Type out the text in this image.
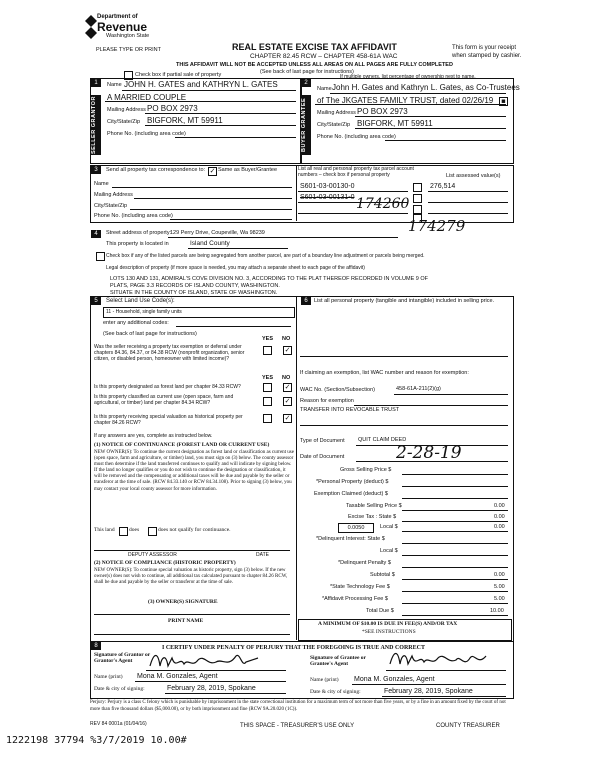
Department of
Revenue
Washington State
PLEASE TYPE OR PRINT	REAL ESTATE EXCISE TAX AFFIDAVIT
CHAPTER 82.45 RCW – CHAPTER 458-61A WAC
THIS AFFIDAVIT WILL NOT BE ACCEPTED UNLESS ALL AREAS ON ALL PAGES ARE FULLY COMPLETED
(See back of last page for instructions)
This form is your receipt
when stamped by cashier.
Check box if partial sale of property	If multiple owners, list percentage of ownership next to name.
1	2
SELLER GRANTOR	BUYER GRANTEE
Name JOHN H. GATES and KATHRYN L. GATES
A MARRIED COUPLE
Mailing Address PO BOX 2973
City/State/Zip BIGFORK, MT 59911
Phone No. (including area code)
Name John H. Gates and Kathryn L. Gates, as Co-Trustees
of The JKGATES FAMILY TRUST, dated 02/26/19	▪
Mailing Address PO BOX 2973
City/State/Zip BIGFORK, MT 59911
Phone No. (including area code)
3	Send all property tax correspondence to: ✓ Same as Buyer/Grantee
Name
Mailing Address
City/State/Zip
Phone No. (including area code)
List all real and personal property tax parcel account numbers – check box if personal property	List assessed value(s)
S601-03-00130-0	276,514
S601-03-00131-0 174260
174279
4	Street address of property:
129 Perry Drive, Coupeville, Wa 98239
This property is located in	Island County
Check box if any of the listed parcels are being segregated from another parcel, are part of a boundary line adjustment or parcels being merged.
Legal description of property (if more space is needed, you may attach a separate sheet to each page of the affidavit)
LOTS 130 AND 131, ADMIRAL'S COVE DIVISION NO. 3, ACCORDING TO THE PLAT THEREOF RECORDED IN VOLUME 9 OF
PLATS, PAGE 3.3 RECORDS OF ISLAND COUNTY, WASHINGTON.
SITUATE IN THE COUNTY OF ISLAND, STATE OF WASHINGTON.
5	6
Select Land Use Code(s):
11 - Household, single family units
enter any additional codes:
(See back of last page for instructions)
YES NO
Was the seller receiving a property tax exemption or deferral under chapters 84.36, 84.37, or 84.38 RCW (nonprofit organization, senior citizen, or disabled person, homeowner with limited income)?
✓
YES NO
Is this property designated as forest land per chapter 84.33 RCW?	✓
Is this property classified as current use (open space, farm and agricultural, or timber) land per chapter 84.34 RCW?	✓
Is this property receiving special valuation as historical property per chapter 84.26 RCW?
✓
If any answers are yes, complete as instructed below.
(1) NOTICE OF CONTINUANCE (FOREST LAND OR CURRENT USE)
NEW OWNER(S): To continue the current designation as forest land or classification as current use (open space, farm and agriculture, or timber) land, you must sign on (3) below. The county assessor must then determine if the land transferred continues to qualify and will indicate by signing below. If the land no longer qualifies or you do not wish to continue the designation or classification, it will be removed and the compensating or additional taxes will be due and payable by the seller or transferor at the time of sale. (RCW 84.33.140 or RCW 84.34.108). Prior to signing (3) below, you may contact your local county assessor for more information.
This land	does	does not qualify for continuance.
DEPUTY ASSESSOR	DATE
(2) NOTICE OF COMPLIANCE (HISTORIC PROPERTY)
NEW OWNER(S): To continue special valuation as historic property, sign (3) below. If the new owner(s) does not wish to continue, all additional tax calculated pursuant to chapter 84.26 RCW, shall be due and payable by the seller or transferor at the time of sale.
(3) OWNER(S) SIGNATURE
PRINT NAME
List all personal property (tangible and intangible) included in selling price.
If claiming an exemption, list WAC number and reason for exemption:
WAC No. (Section/Subsection)	458-61A-211(2)(g)
Reason for exemption
TRANSFER INTO REVOCABLE TRUST
Type of Document QUIT CLAIM DEED
Date of Document	2-28-19
Gross Selling Price $
*Personal Property (deduct) $
Exemption Claimed (deduct) $
Taxable Selling Price $	0.00
Excise Tax : State $	0.00
0.0050	Local $	0.00
*Delinquent Interest: State $
Local $
*Delinquent Penalty $
Subtotal $	0.00
*State Technology Fee $	5.00
*Affidavit Processing Fee $	5.00
Total Due $	10.00
A MINIMUM OF $10.00 IS DUE IN FEE(S) AND/OR TAX
*SEE INSTRUCTIONS
8	I CERTIFY UNDER PENALTY OF PERJURY THAT THE FOREGOING IS TRUE AND CORRECT
Signature of Grantor or Grantor's Agent
Name (print) Mona M. Gonzales, Agent
Date & city of signing:	February 28, 2019, Spokane
Signature of Grantee or Grantee's Agent
Name (print) Mona M. Gonzales, Agent
Date & city of signing:	February 28, 2019, Spokane
Perjury: Perjury is a class C felony which is punishable by imprisonment in the state correctional institution for a maximum term of not more than five years, or by a fine in an amount fixed by the court of not more than five thousand dollars ($5,000.00), or by both imprisonment and fine (RCW 9A.20.020 (1C)).
REV 84 0001a (01/04/16)	THIS SPACE - TREASURER'S USE ONLY	COUNTY TREASURER
1222198 37794 %3/7/2019 10.00#
